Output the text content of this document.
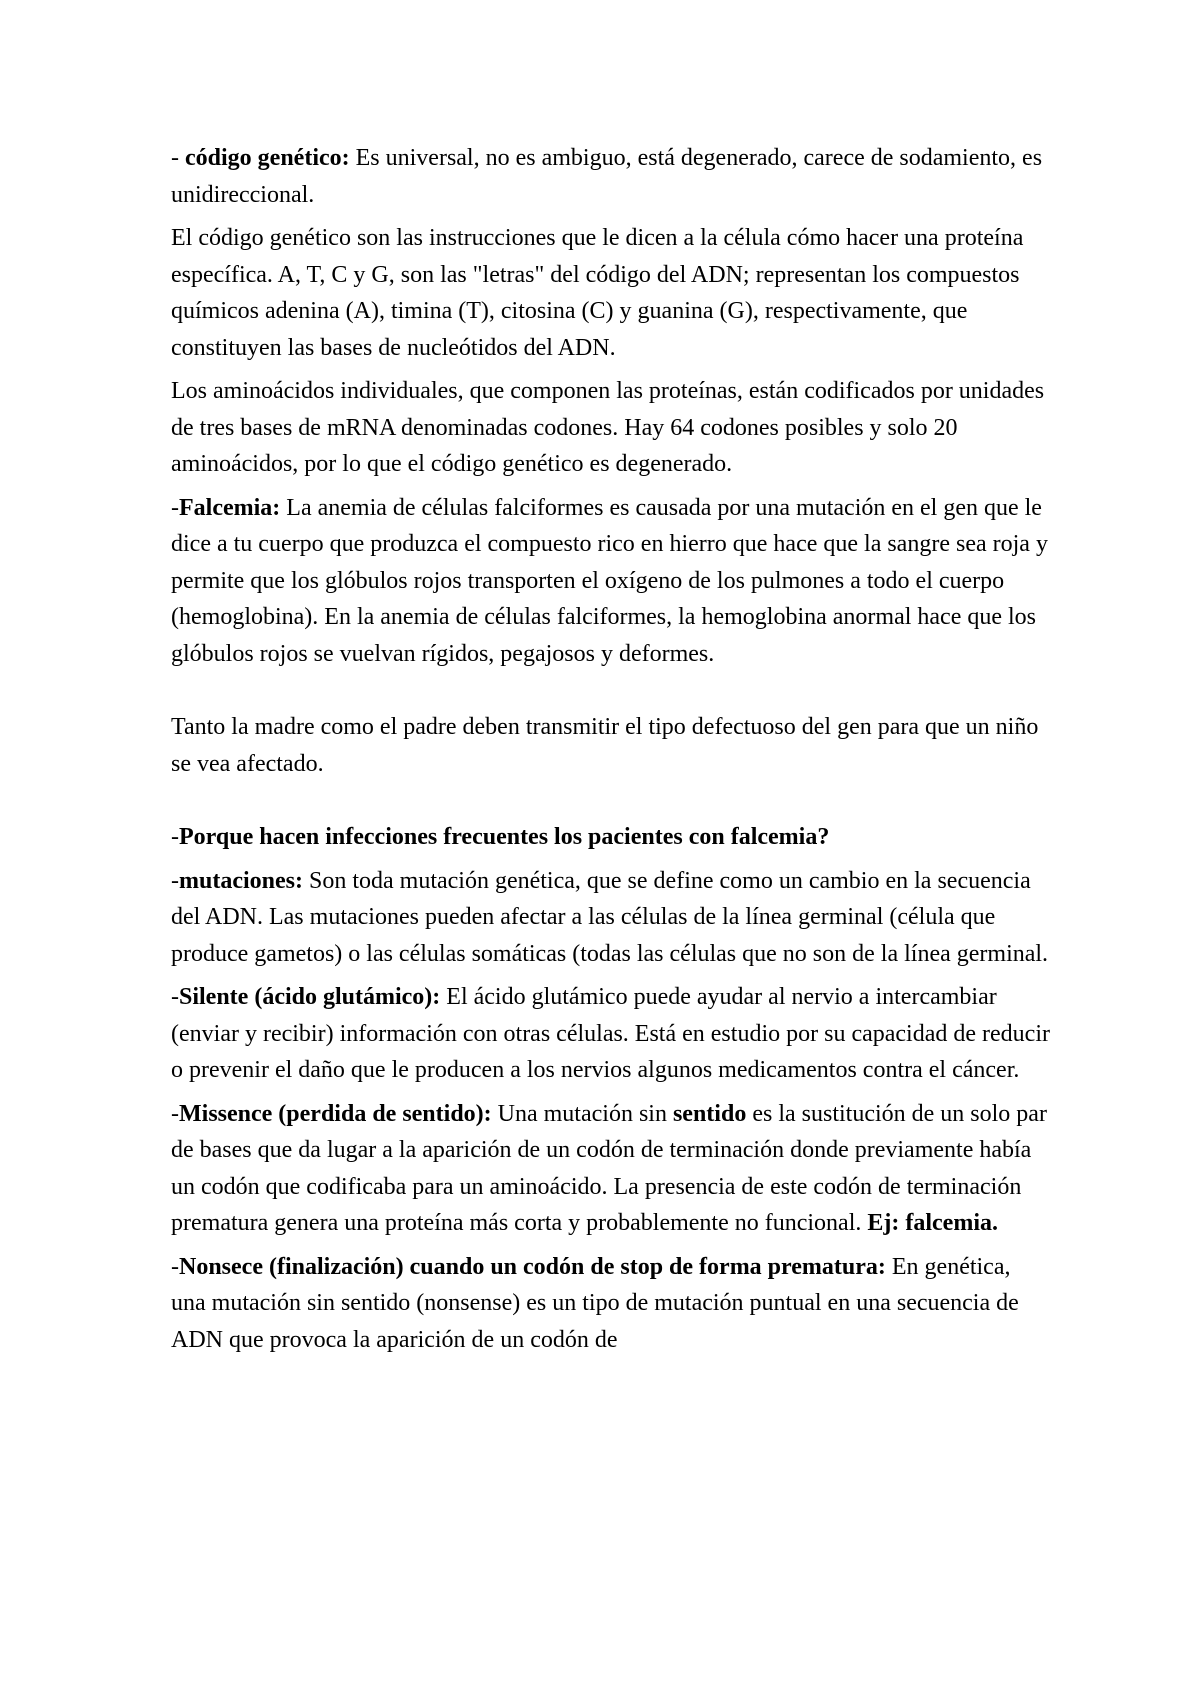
- código genético: Es universal, no es ambiguo, está degenerado, carece de sodamiento, es unidireccional.

El código genético son las instrucciones que le dicen a la célula cómo hacer una proteína específica. A, T, C y G, son las "letras" del código del ADN; representan los compuestos químicos adenina (A), timina (T), citosina (C) y guanina (G), respectivamente, que constituyen las bases de nucleótidos del ADN.

Los aminoácidos individuales, que componen las proteínas, están codificados por unidades de tres bases de mRNA denominadas codones. Hay 64 codones posibles y solo 20 aminoácidos, por lo que el código genético es degenerado.

-Falcemia: La anemia de células falciformes es causada por una mutación en el gen que le dice a tu cuerpo que produzca el compuesto rico en hierro que hace que la sangre sea roja y permite que los glóbulos rojos transporten el oxígeno de los pulmones a todo el cuerpo (hemoglobina). En la anemia de células falciformes, la hemoglobina anormal hace que los glóbulos rojos se vuelvan rígidos, pegajosos y deformes.

Tanto la madre como el padre deben transmitir el tipo defectuoso del gen para que un niño se vea afectado.

-Porque hacen infecciones frecuentes los pacientes con falcemia?

-mutaciones: Son toda mutación genética, que se define como un cambio en la secuencia del ADN. Las mutaciones pueden afectar a las células de la línea germinal (célula que produce gametos) o las células somáticas (todas las células que no son de la línea germinal.

-Silente (ácido glutámico): El ácido glutámico puede ayudar al nervio a intercambiar (enviar y recibir) información con otras células. Está en estudio por su capacidad de reducir o prevenir el daño que le producen a los nervios algunos medicamentos contra el cáncer.

-Missence (perdida de sentido): Una mutación sin sentido es la sustitución de un solo par de bases que da lugar a la aparición de un codón de terminación donde previamente había un codón que codificaba para un aminoácido. La presencia de este codón de terminación prematura genera una proteína más corta y probablemente no funcional. Ej: falcemia.

-Nonsece (finalización) cuando un codón de stop de forma prematura: En genética, una mutación sin sentido (nonsense) es un tipo de mutación puntual en una secuencia de ADN que provoca la aparición de un codón de
